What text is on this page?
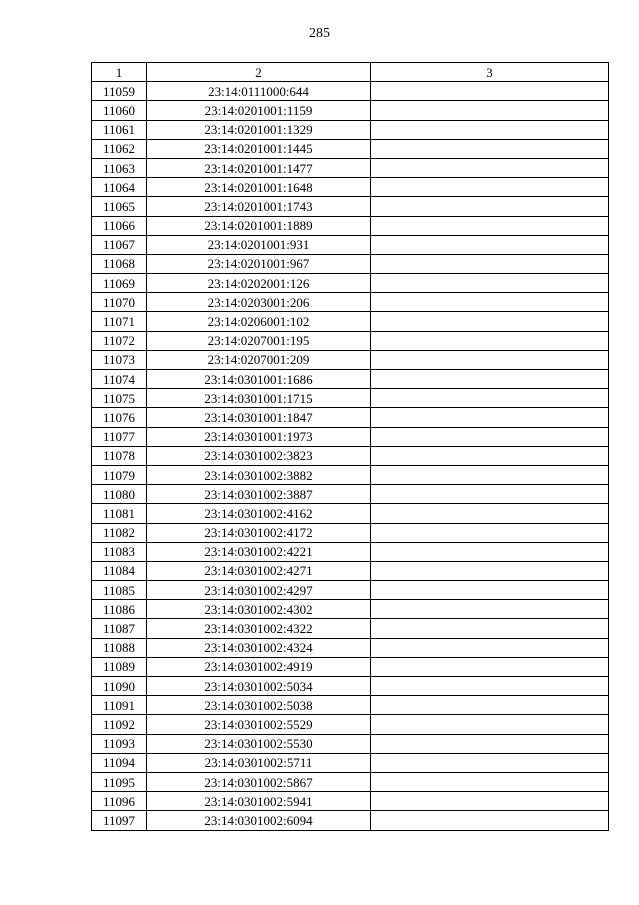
285
1	2	3
11059	23:14:0111000:644	
11060	23:14:0201001:1159	
11061	23:14:0201001:1329	
11062	23:14:0201001:1445	
11063	23:14:0201001:1477	
11064	23:14:0201001:1648	
11065	23:14:0201001:1743	
11066	23:14:0201001:1889	
11067	23:14:0201001:931	
11068	23:14:0201001:967	
11069	23:14:0202001:126	
11070	23:14:0203001:206	
11071	23:14:0206001:102	
11072	23:14:0207001:195	
11073	23:14:0207001:209	
11074	23:14:0301001:1686	
11075	23:14:0301001:1715	
11076	23:14:0301001:1847	
11077	23:14:0301001:1973	
11078	23:14:0301002:3823	
11079	23:14:0301002:3882	
11080	23:14:0301002:3887	
11081	23:14:0301002:4162	
11082	23:14:0301002:4172	
11083	23:14:0301002:4221	
11084	23:14:0301002:4271	
11085	23:14:0301002:4297	
11086	23:14:0301002:4302	
11087	23:14:0301002:4322	
11088	23:14:0301002:4324	
11089	23:14:0301002:4919	
11090	23:14:0301002:5034	
11091	23:14:0301002:5038	
11092	23:14:0301002:5529	
11093	23:14:0301002:5530	
11094	23:14:0301002:5711	
11095	23:14:0301002:5867	
11096	23:14:0301002:5941	
11097	23:14:0301002:6094	
